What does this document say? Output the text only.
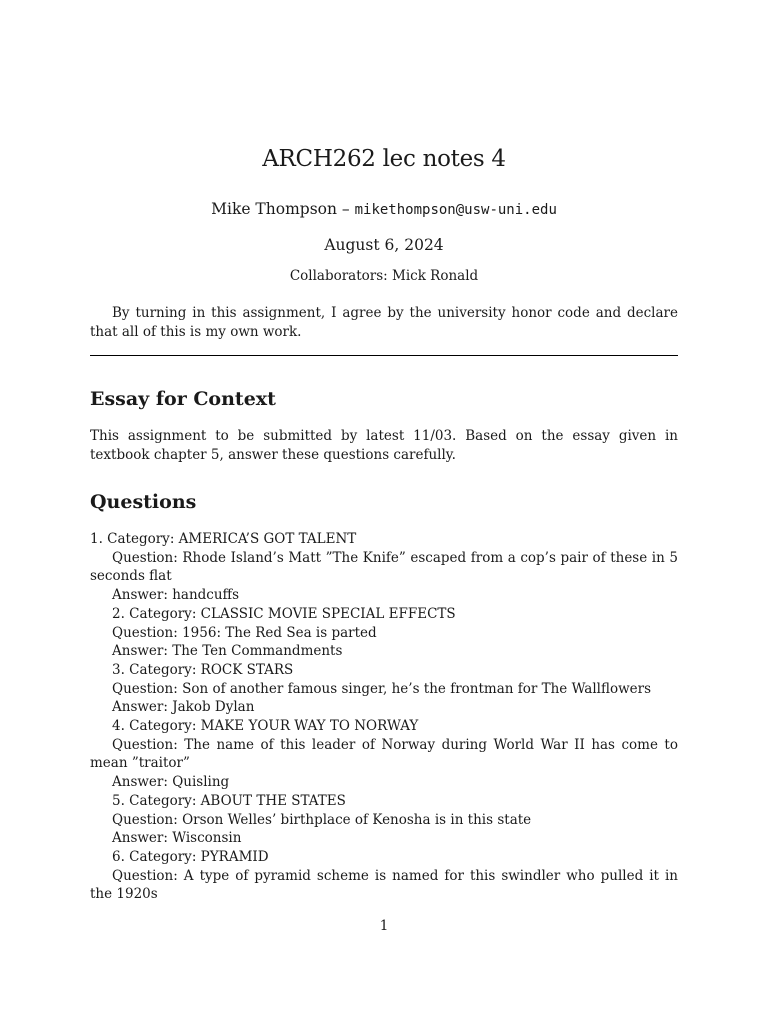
ARCH262 lec notes 4
Mike Thompson – mikethompson@usw-uni.edu
August 6, 2024
Collaborators: Mick Ronald

By turning in this assignment, I agree by the university honor code and declare that all of this is my own work.

Essay for Context

This assignment to be submitted by latest 11/03. Based on the essay given in textbook chapter 5, answer these questions carefully.

Questions
1. Category: AMERICA’S GOT TALENT
Question: Rhode Island’s Matt ”The Knife” escaped from a cop’s pair of these in 5 seconds flat
Answer: handcuffs
2. Category: CLASSIC MOVIE SPECIAL EFFECTS
Question: 1956: The Red Sea is parted
Answer: The Ten Commandments
3. Category: ROCK STARS
Question: Son of another famous singer, he’s the frontman for The Wallflowers
Answer: Jakob Dylan
4. Category: MAKE YOUR WAY TO NORWAY
Question: The name of this leader of Norway during World War II has come to mean ”traitor”
Answer: Quisling
5. Category: ABOUT THE STATES
Question: Orson Welles’ birthplace of Kenosha is in this state
Answer: Wisconsin
6. Category: PYRAMID
Question: A type of pyramid scheme is named for this swindler who pulled it in the 1920s
1
